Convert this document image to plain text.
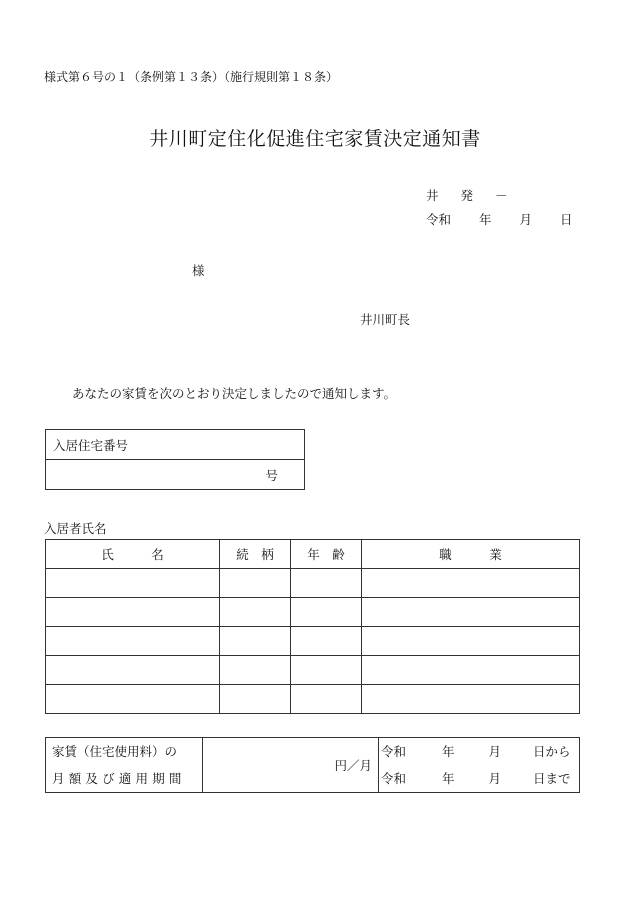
様式第６号の１（条例第１３条）（施行規則第１８条）
井川町定住化促進住宅家賃決定通知書
井 発 －
令和 年 月 日
様
井川町長
あなたの家賃を次のとおり決定しましたので通知します。
入居住宅番号
号
入居者氏名
氏　　　名	続　柄	年　齢	職　　　業

家賃（住宅使用料）の
月額及び適用期間
	円／月	
令和	年	月	日から
令和	年	月	日まで
